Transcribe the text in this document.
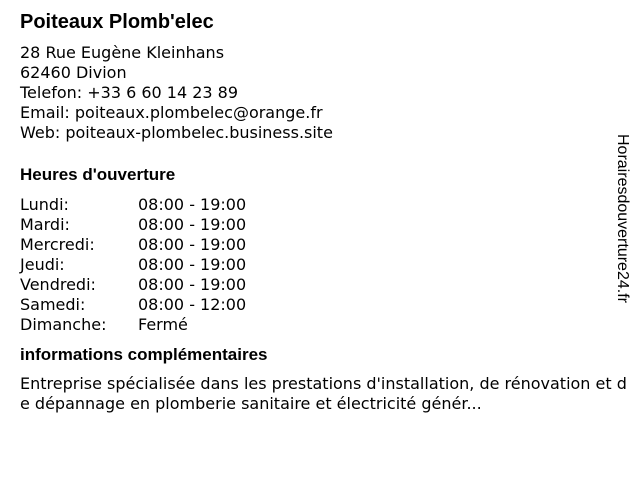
Poiteaux Plomb'elec
28 Rue Eugène Kleinhans
62460 Divion
Telefon: +33 6 60 14 23 89
Email: poiteaux.plombelec@orange.fr
Web: poiteaux-plombelec.business.site
Heures d'ouverture
Lundi:	08:00 - 19:00
Mardi:	08:00 - 19:00
Mercredi:	08:00 - 19:00
Jeudi:	08:00 - 19:00
Vendredi:	08:00 - 19:00
Samedi:	08:00 - 12:00
Dimanche:	Fermé
informations complémentaires
Entreprise spécialisée dans les prestations d'installation, de rénovation et de dépannage en plomberie sanitaire et électricité génér...
Horairesdouverture24.fr
